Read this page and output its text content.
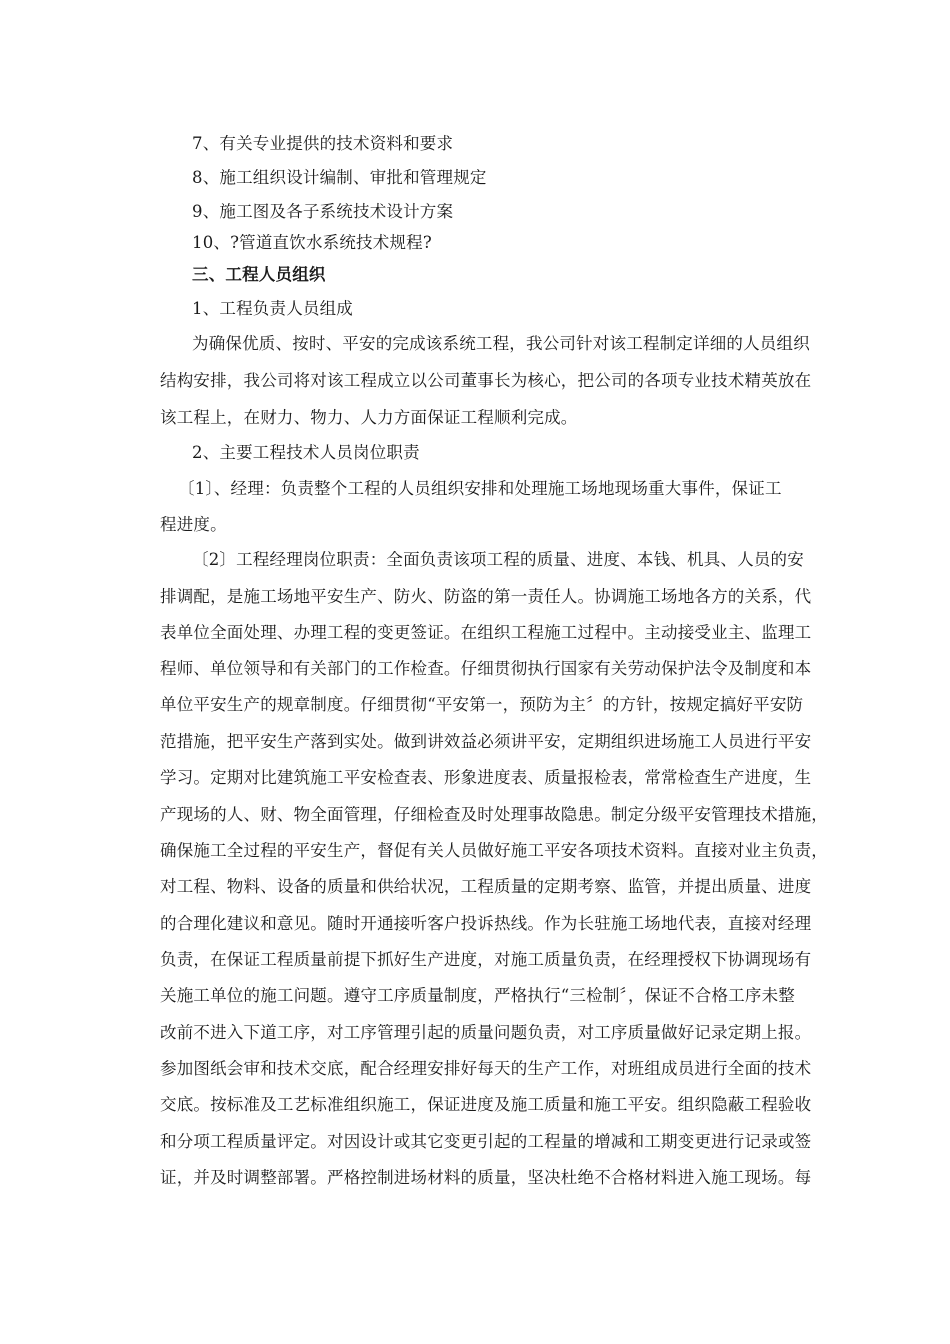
7、有关专业提供的技术资料和要求
8、施工组织设计编制、审批和管理规定
9、施工图及各子系统技术设计方案
10、?管道直饮水系统技术规程?
三、工程人员组织
1、工程负责人员组成
为确保优质、按时、平安的完成该系统工程，我公司针对该工程制定详细的人员组织
结构安排，我公司将对该工程成立以公司董事长为核心，把公司的各项专业技术精英放在
该工程上，在财力、物力、人力方面保证工程顺利完成。
2、主要工程技术人员岗位职责
〔1〕、经理：负责整个工程的人员组织安排和处理施工场地现场重大事件，保证工
程进度。
〔2〕工程经理岗位职责：全面负责该项工程的质量、进度、本钱、机具、人员的安
排调配，是施工场地平安生产、防火、防盗的第一责任人。协调施工场地各方的关系，代
表单位全面处理、办理工程的变更签证。在组织工程施工过程中。主动接受业主、监理工
程师、单位领导和有关部门的工作检查。仔细贯彻执行国家有关劳动保护法令及制度和本
单位平安生产的规章制度。仔细贯彻“平安第一，预防为主〞的方针，按规定搞好平安防
范措施，把平安生产落到实处。做到讲效益必须讲平安，定期组织进场施工人员进行平安
学习。定期对比建筑施工平安检查表、形象进度表、质量报检表，常常检查生产进度，生
产现场的人、财、物全面管理，仔细检查及时处理事故隐患。制定分级平安管理技术措施，
确保施工全过程的平安生产，督促有关人员做好施工平安各项技术资料。直接对业主负责，
对工程、物料、设备的质量和供给状况，工程质量的定期考察、监管，并提出质量、进度
的合理化建议和意见。随时开通接听客户投诉热线。作为长驻施工场地代表，直接对经理
负责，在保证工程质量前提下抓好生产进度，对施工质量负责，在经理授权下协调现场有
关施工单位的施工问题。遵守工序质量制度，严格执行“三检制〞，保证不合格工序未整
改前不进入下道工序，对工序管理引起的质量问题负责，对工序质量做好记录定期上报。
参加图纸会审和技术交底，配合经理安排好每天的生产工作，对班组成员进行全面的技术
交底。按标准及工艺标准组织施工，保证进度及施工质量和施工平安。组织隐蔽工程验收
和分项工程质量评定。对因设计或其它变更引起的工程量的增减和工期变更进行记录或签
证，并及时调整部署。严格控制进场材料的质量，坚决杜绝不合格材料进入施工现场。每
